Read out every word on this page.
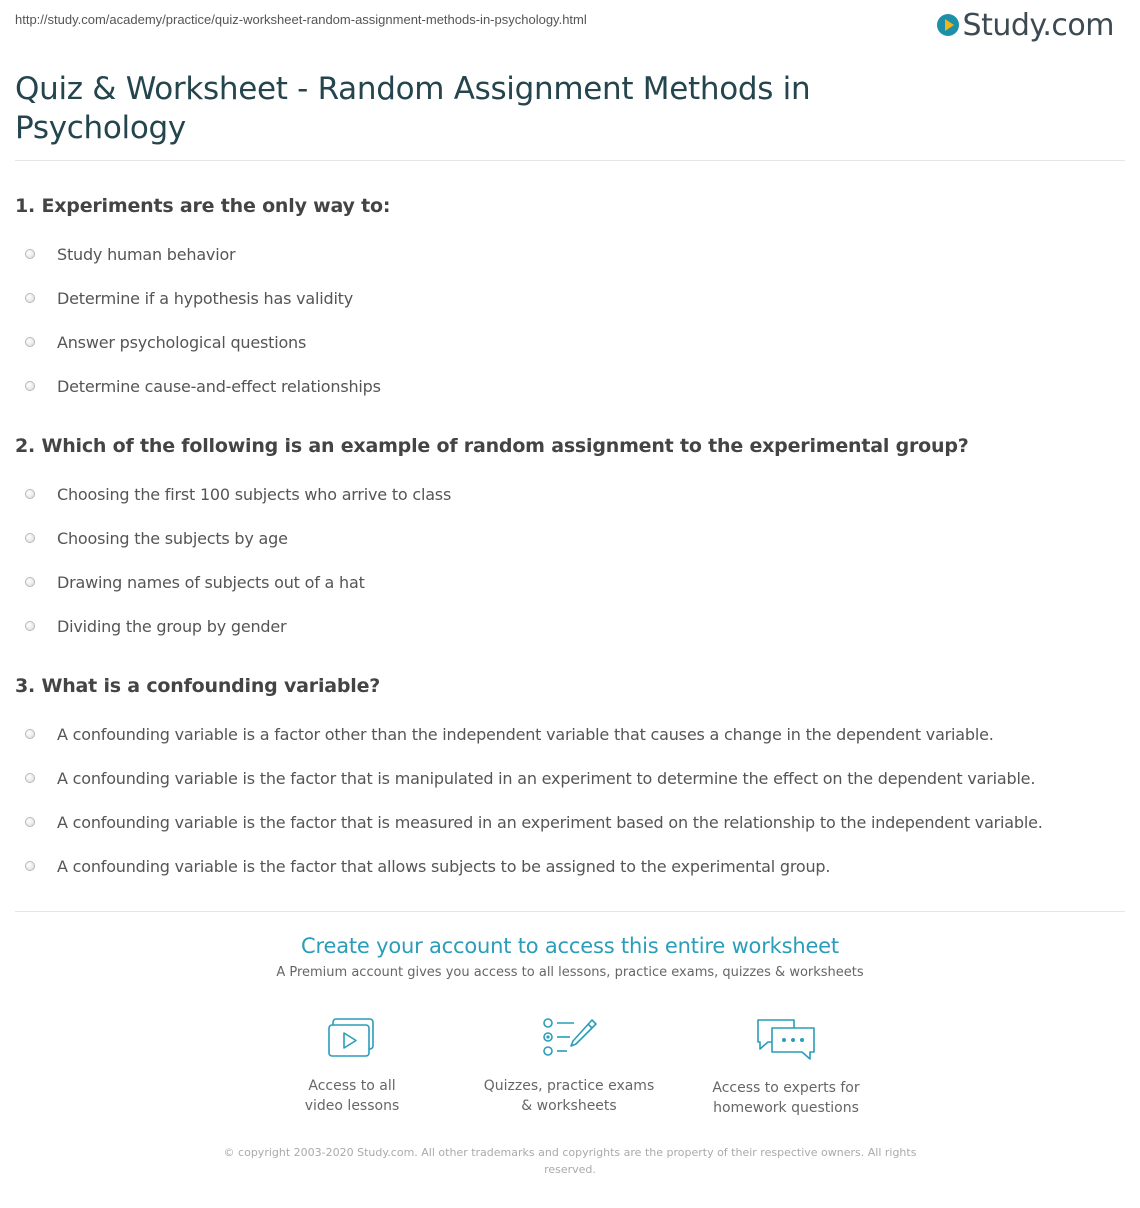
http://study.com/academy/practice/quiz-worksheet-random-assignment-methods-in-psychology.html	Study.com
Quiz & Worksheet - Random Assignment Methods in Psychology
1. Experiments are the only way to:
Study human behavior
Determine if a hypothesis has validity
Answer psychological questions
Determine cause-and-effect relationships
2. Which of the following is an example of random assignment to the experimental group?
Choosing the first 100 subjects who arrive to class
Choosing the subjects by age
Drawing names of subjects out of a hat
Dividing the group by gender
3. What is a confounding variable?
A confounding variable is a factor other than the independent variable that causes a change in the dependent variable.
A confounding variable is the factor that is manipulated in an experiment to determine the effect on the dependent variable.
A confounding variable is the factor that is measured in an experiment based on the relationship to the independent variable.
A confounding variable is the factor that allows subjects to be assigned to the experimental group.
Create your account to access this entire worksheet
A Premium account gives you access to all lessons, practice exams, quizzes & worksheets
Access to all
video lessons
Quizzes, practice exams
& worksheets
Access to experts for
homework questions
© copyright 2003-2020 Study.com. All other trademarks and copyrights are the property of their respective owners. All rights reserved.
